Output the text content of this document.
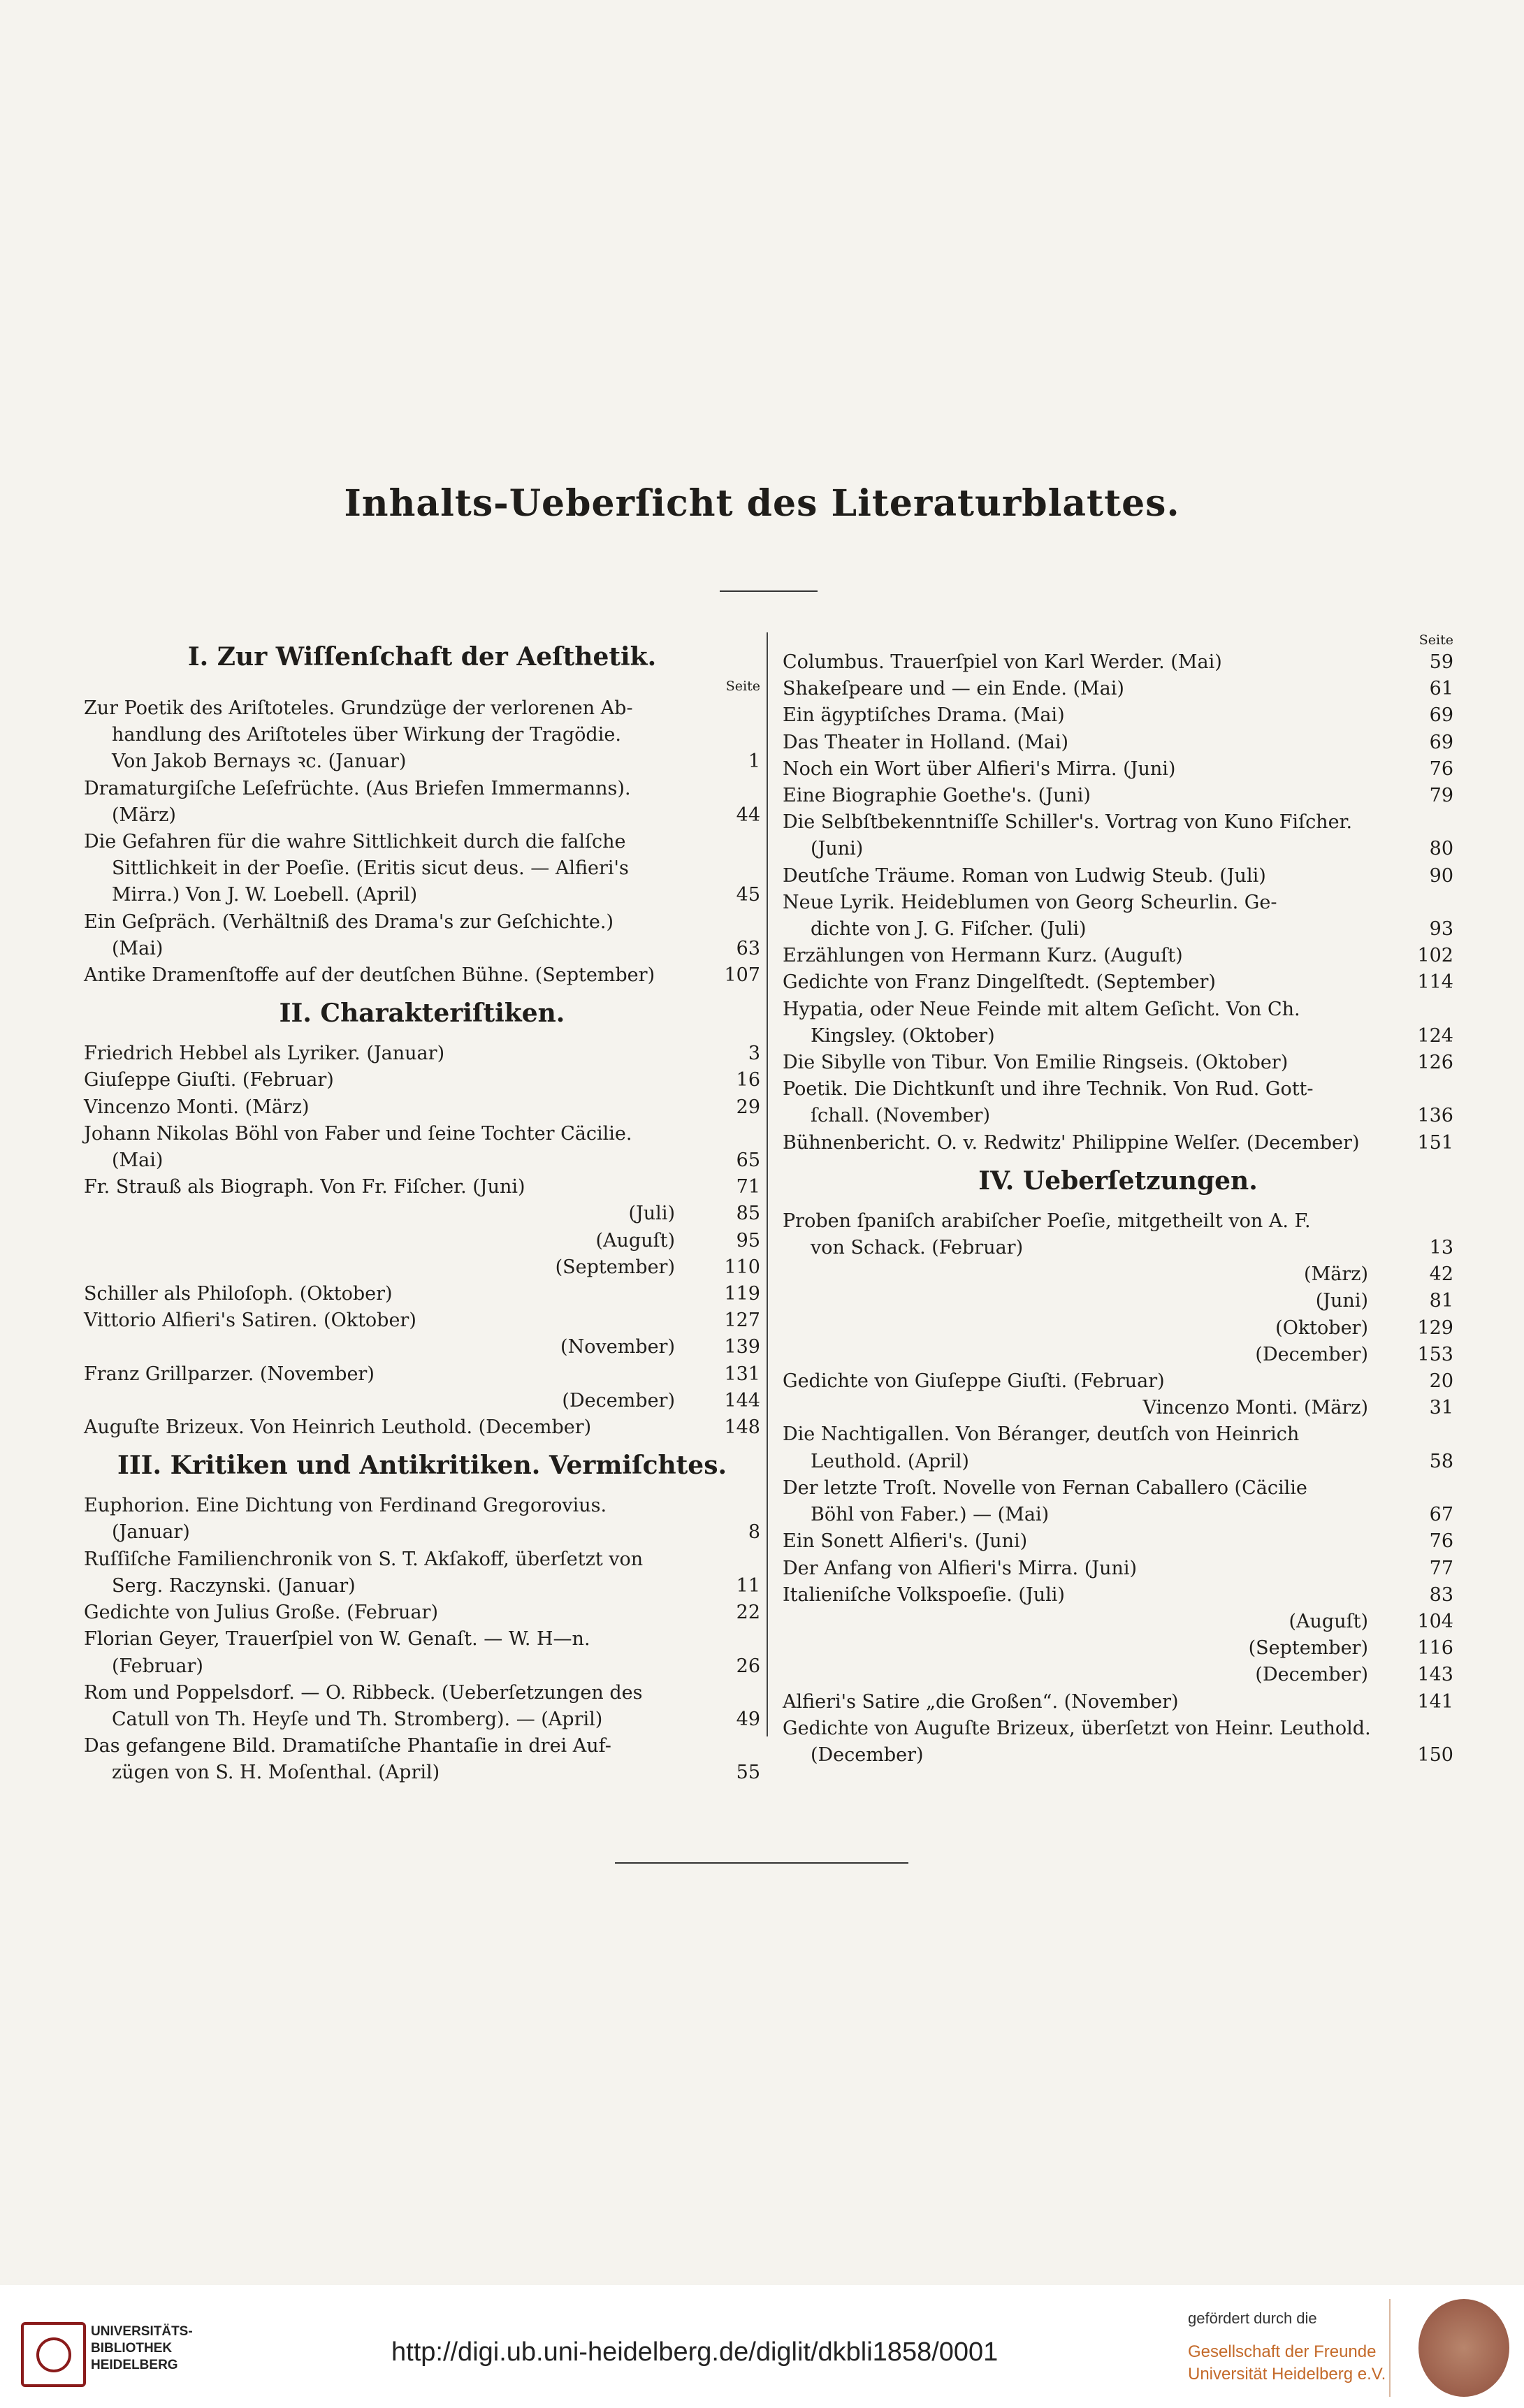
Inhalts-Ueberſicht des Literaturblattes.
I. Zur Wiſſenſchaft der Aeſthetik.
Seite
Zur Poetik des Ariſtoteles. Grundzüge der verlorenen Ab-
handlung des Ariſtoteles über Wirkung der Tragödie.
Von Jakob Bernays ꝛc. (Januar)	1
Dramaturgiſche Leſefrüchte. (Aus Briefen Immermanns).
(März)	44
Die Gefahren für die wahre Sittlichkeit durch die falſche
Sittlichkeit in der Poeſie. (Eritis sicut deus. — Alfieri's
Mirra.) Von J. W. Loebell. (April)	45
Ein Geſpräch. (Verhältniß des Drama's zur Geſchichte.)
(Mai)	63
Antike Dramenſtoffe auf der deutſchen Bühne. (September)	107
II. Charakteriſtiken.
Friedrich Hebbel als Lyriker. (Januar)	3
Giuſeppe Giuſti. (Februar)	16
Vincenzo Monti. (März)	29
Johann Nikolas Böhl von Faber und ſeine Tochter Cäcilie.
(Mai)	65
Fr. Strauß als Biograph. Von Fr. Fiſcher. (Juni)	71
(Juli)	85
(Auguſt)	95
(September)	110
Schiller als Philoſoph. (Oktober)	119
Vittorio Alfieri's Satiren. (Oktober)	127
(November)	139
Franz Grillparzer. (November)	131
(December)	144
Auguſte Brizeux. Von Heinrich Leuthold. (December)	148
III. Kritiken und Antikritiken. Vermiſchtes.
Euphorion. Eine Dichtung von Ferdinand Gregorovius.
(Januar)	8
Ruſſiſche Familienchronik von S. T. Akſakoff, überſetzt von
Serg. Raczynski. (Januar)	11
Gedichte von Julius Große. (Februar)	22
Florian Geyer, Trauerſpiel von W. Genaſt. — W. H—n.
(Februar)	26
Rom und Poppelsdorf. — O. Ribbeck. (Ueberſetzungen des
Catull von Th. Heyſe und Th. Stromberg). — (April)	49
Das gefangene Bild. Dramatiſche Phantaſie in drei Auf-
zügen von S. H. Moſenthal. (April)	55
Seite
Columbus. Trauerſpiel von Karl Werder. (Mai)	59
Shakeſpeare und — ein Ende. (Mai)	61
Ein ägyptiſches Drama. (Mai)	69
Das Theater in Holland. (Mai)	69
Noch ein Wort über Alfieri's Mirra. (Juni)	76
Eine Biographie Goethe's. (Juni)	79
Die Selbſtbekenntniſſe Schiller's. Vortrag von Kuno Fiſcher.
(Juni)	80
Deutſche Träume. Roman von Ludwig Steub. (Juli)	90
Neue Lyrik. Heideblumen von Georg Scheurlin. Ge-
dichte von J. G. Fiſcher. (Juli)	93
Erzählungen von Hermann Kurz. (Auguſt)	102
Gedichte von Franz Dingelſtedt. (September)	114
Hypatia, oder Neue Feinde mit altem Geſicht. Von Ch.
Kingsley. (Oktober)	124
Die Sibylle von Tibur. Von Emilie Ringseis. (Oktober)	126
Poetik. Die Dichtkunſt und ihre Technik. Von Rud. Gott-
ſchall. (November)	136
Bühnenbericht. O. v. Redwitz' Philippine Welſer. (December)	151
IV. Ueberſetzungen.
Proben ſpaniſch arabiſcher Poeſie, mitgetheilt von A. F.
von Schack. (Februar)	13
(März)	42
(Juni)	81
(Oktober)	129
(December)	153
Gedichte von Giuſeppe Giuſti. (Februar)	20
Vincenzo Monti. (März)	31
Die Nachtigallen. Von Béranger, deutſch von Heinrich
Leuthold. (April)	58
Der letzte Troſt. Novelle von Fernan Caballero (Cäcilie
Böhl von Faber.) — (Mai)	67
Ein Sonett Alfieri's. (Juni)	76
Der Anfang von Alfieri's Mirra. (Juni)	77
Italieniſche Volkspoeſie. (Juli)	83
(Auguſt)	104
(September)	116
(December)	143
Alfieri's Satire „die Großen“. (November)	141
Gedichte von Auguſte Brizeux, überſetzt von Heinr. Leuthold.
(December)	150
UNIVERSITÄTS-
BIBLIOTHEK
HEIDELBERG	http://digi.ub.uni-heidelberg.de/diglit/dkbli1858/0001
gefördert durch die
Gesellschaft der Freunde
Universität Heidelberg e.V.
